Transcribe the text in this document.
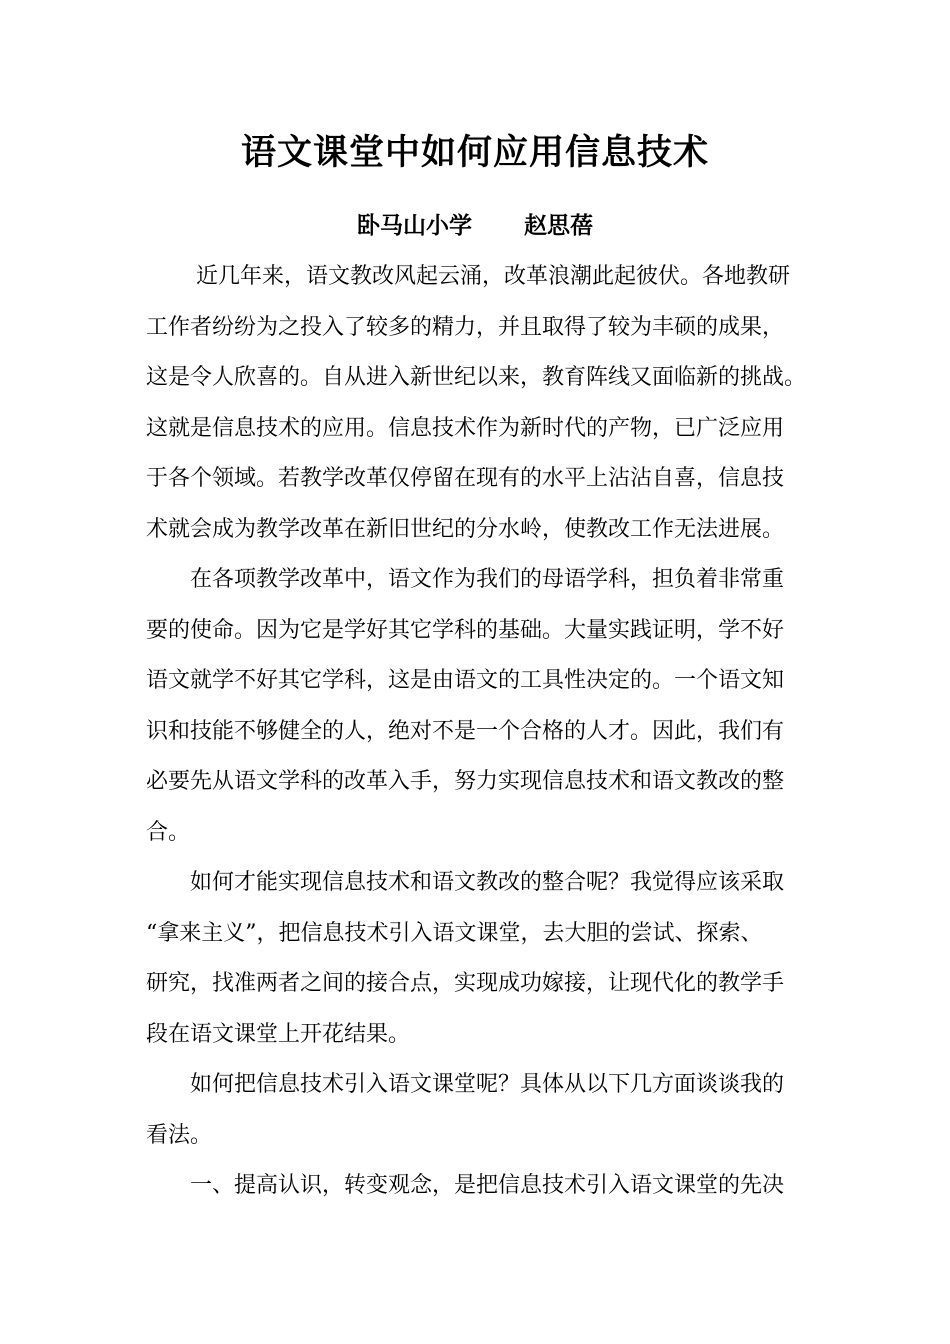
语文课堂中如何应用信息技术
卧马山小学 赵思蓓
近几年来，语文教改风起云涌，改革浪潮此起彼伏。各地教研
工作者纷纷为之投入了较多的精力，并且取得了较为丰硕的成果，
这是令人欣喜的。自从进入新世纪以来，教育阵线又面临新的挑战。
这就是信息技术的应用。信息技术作为新时代的产物，已广泛应用
于各个领域。若教学改革仅停留在现有的水平上沾沾自喜，信息技
术就会成为教学改革在新旧世纪的分水岭，使教改工作无法进展。
在各项教学改革中，语文作为我们的母语学科，担负着非常重
要的使命。因为它是学好其它学科的基础。大量实践证明，学不好
语文就学不好其它学科，这是由语文的工具性决定的。一个语文知
识和技能不够健全的人，绝对不是一个合格的人才。因此，我们有
必要先从语文学科的改革入手，努力实现信息技术和语文教改的整
合。
如何才能实现信息技术和语文教改的整合呢？我觉得应该采取
“拿来主义”，把信息技术引入语文课堂，去大胆的尝试、探索、
研究，找准两者之间的接合点，实现成功嫁接，让现代化的教学手
段在语文课堂上开花结果。
如何把信息技术引入语文课堂呢？具体从以下几方面谈谈我的
看法。
一、提高认识，转变观念，是把信息技术引入语文课堂的先决
